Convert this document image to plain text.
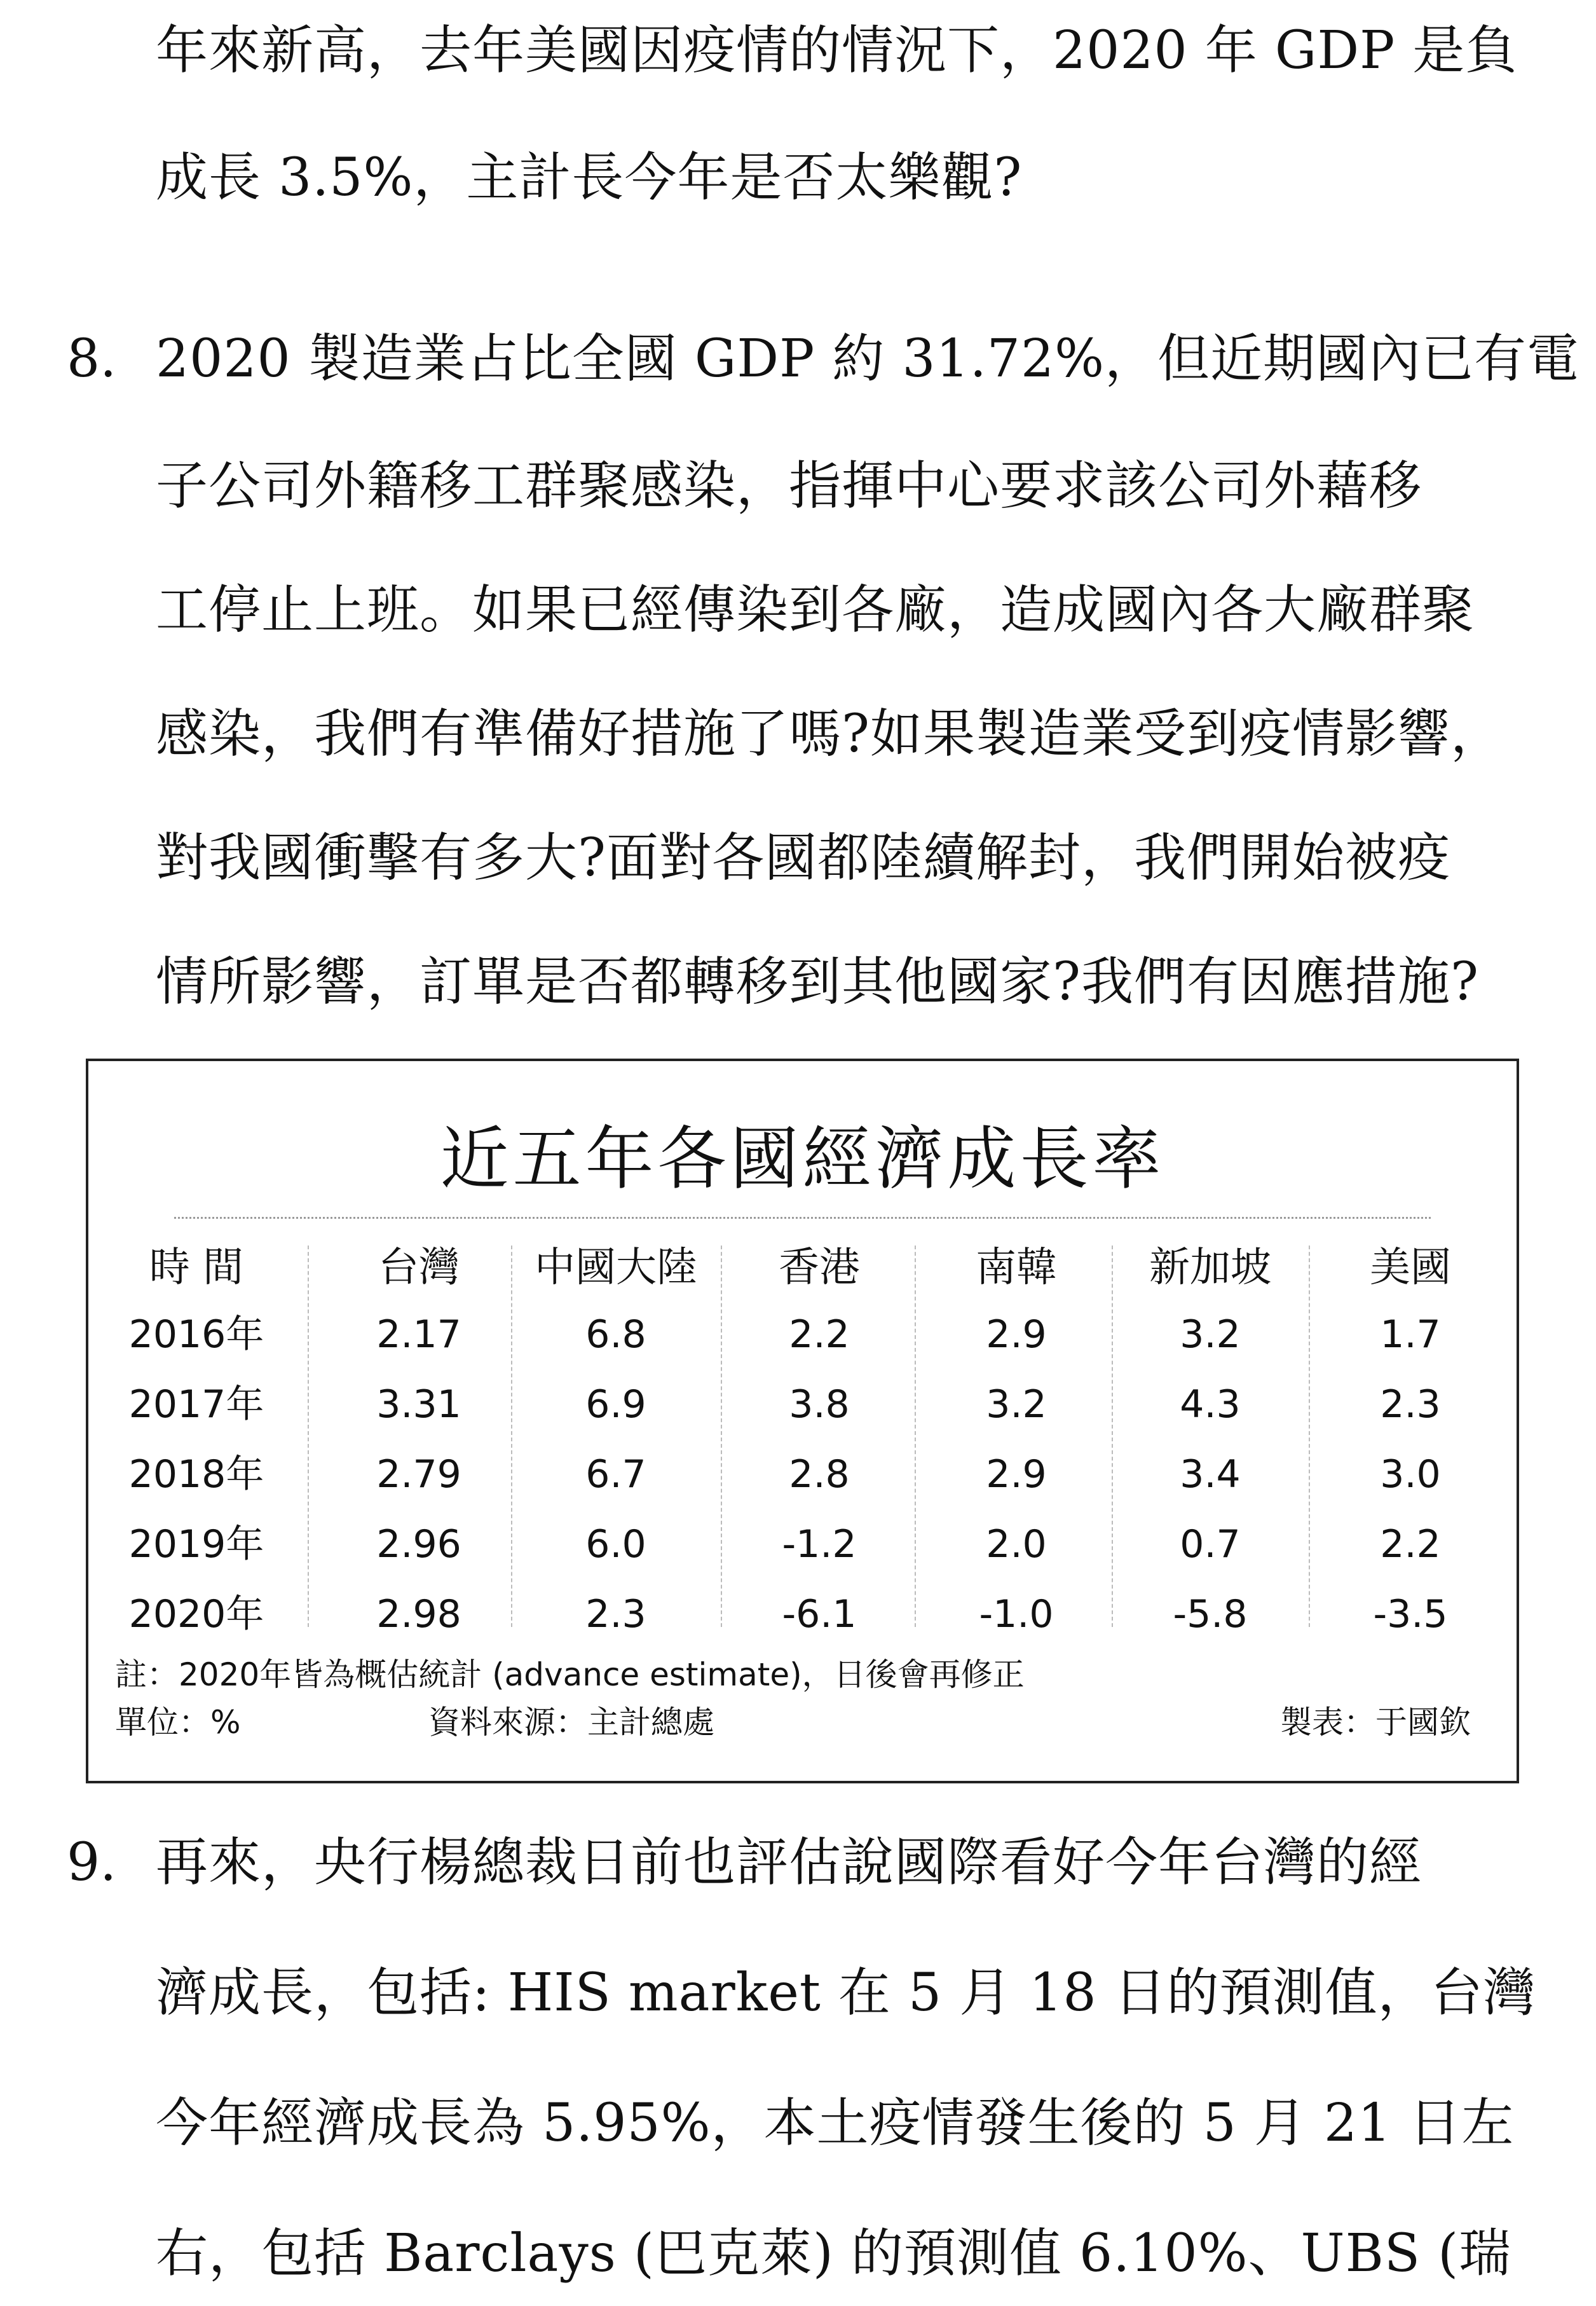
年來新高，去年美國因疫情的情況下，2020 年 GDP 是負
成長 3.5%，主計長今年是否太樂觀?
8. 2020 製造業占比全國 GDP 約 31.72%，但近期國內已有電
子公司外籍移工群聚感染，指揮中心要求該公司外藉移
工停止上班。如果已經傳染到各廠，造成國內各大廠群聚
感染，我們有準備好措施了嗎?如果製造業受到疫情影響，
對我國衝擊有多大?面對各國都陸續解封，我們開始被疫
情所影響，訂單是否都轉移到其他國家?我們有因應措施?
近五年各國經濟成長率
時 間	台灣	中國大陸	香港	南韓	新加坡	美國
2016年	2.17	6.8	2.2	2.9	3.2	1.7
2017年	3.31	6.9	3.8	3.2	4.3	2.3
2018年	2.79	6.7	2.8	2.9	3.4	3.0
2019年	2.96	6.0	-1.2	2.0	0.7	2.2
2020年	2.98	2.3	-6.1	-1.0	-5.8	-3.5
註：2020年皆為概估統計 (advance estimate)，日後會再修正
單位：%	資料來源：主計總處	製表：于國欽
9. 再來，央行楊總裁日前也評估說國際看好今年台灣的經
濟成長，包括: HIS market 在 5 月 18 日的預測值，台灣
今年經濟成長為 5.95%，本土疫情發生後的 5 月 21 日左
右，包括 Barclays (巴克萊) 的預測值 6.10%、UBS (瑞
